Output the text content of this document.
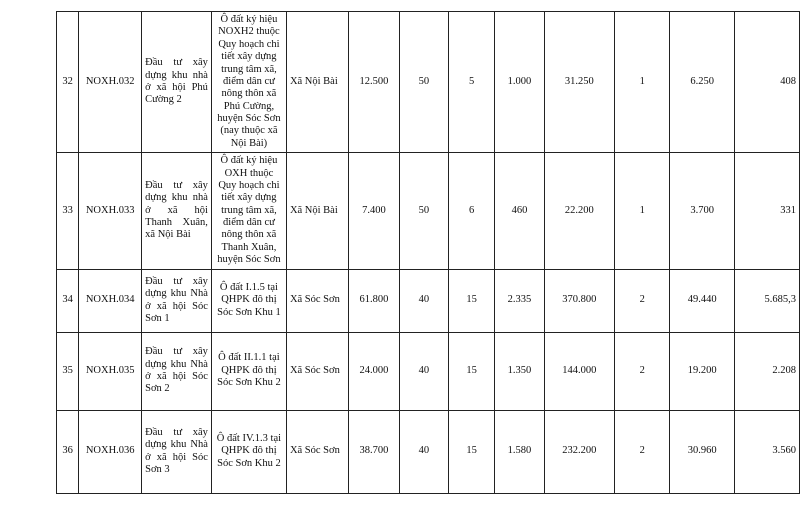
32	NOXH.032	Đầu tư xây dựng khu nhà ở xã hội Phú Cường 2	Ô đất ký hiệu NOXH2 thuộc Quy hoạch chi tiết xây dựng trung tâm xã, điểm dân cư nông thôn xã Phú Cường, huyện Sóc Sơn (nay thuộc xã Nội Bài)	Xã Nội Bài	12.500	50	5	1.000	31.250	1	6.250	408
33	NOXH.033	Đầu tư xây dựng khu nhà ở xã hội Thanh Xuân, xã Nội Bài	Ô đất ký hiệu OXH thuộc Quy hoạch chi tiết xây dựng trung tâm xã, điểm dân cư nông thôn xã Thanh Xuân, huyện Sóc Sơn	Xã Nội Bài	7.400	50	6	460	22.200	1	3.700	331
34	NOXH.034	Đầu tư xây dựng khu Nhà ở xã hội Sóc Sơn 1	Ô đất I.1.5 tại QHPK đô thị Sóc Sơn Khu 1	Xã Sóc Sơn	61.800	40	15	2.335	370.800	2	49.440	5.685,3
35	NOXH.035	Đầu tư xây dựng khu Nhà ở xã hội Sóc Sơn 2	Ô đất II.1.1 tại QHPK đô thị Sóc Sơn Khu 2	Xã Sóc Sơn	24.000	40	15	1.350	144.000	2	19.200	2.208
36	NOXH.036	Đầu tư xây dựng khu Nhà ở xã hội Sóc Sơn 3	Ô đất IV.1.3 tại QHPK đô thị Sóc Sơn Khu 2	Xã Sóc Sơn	38.700	40	15	1.580	232.200	2	30.960	3.560
